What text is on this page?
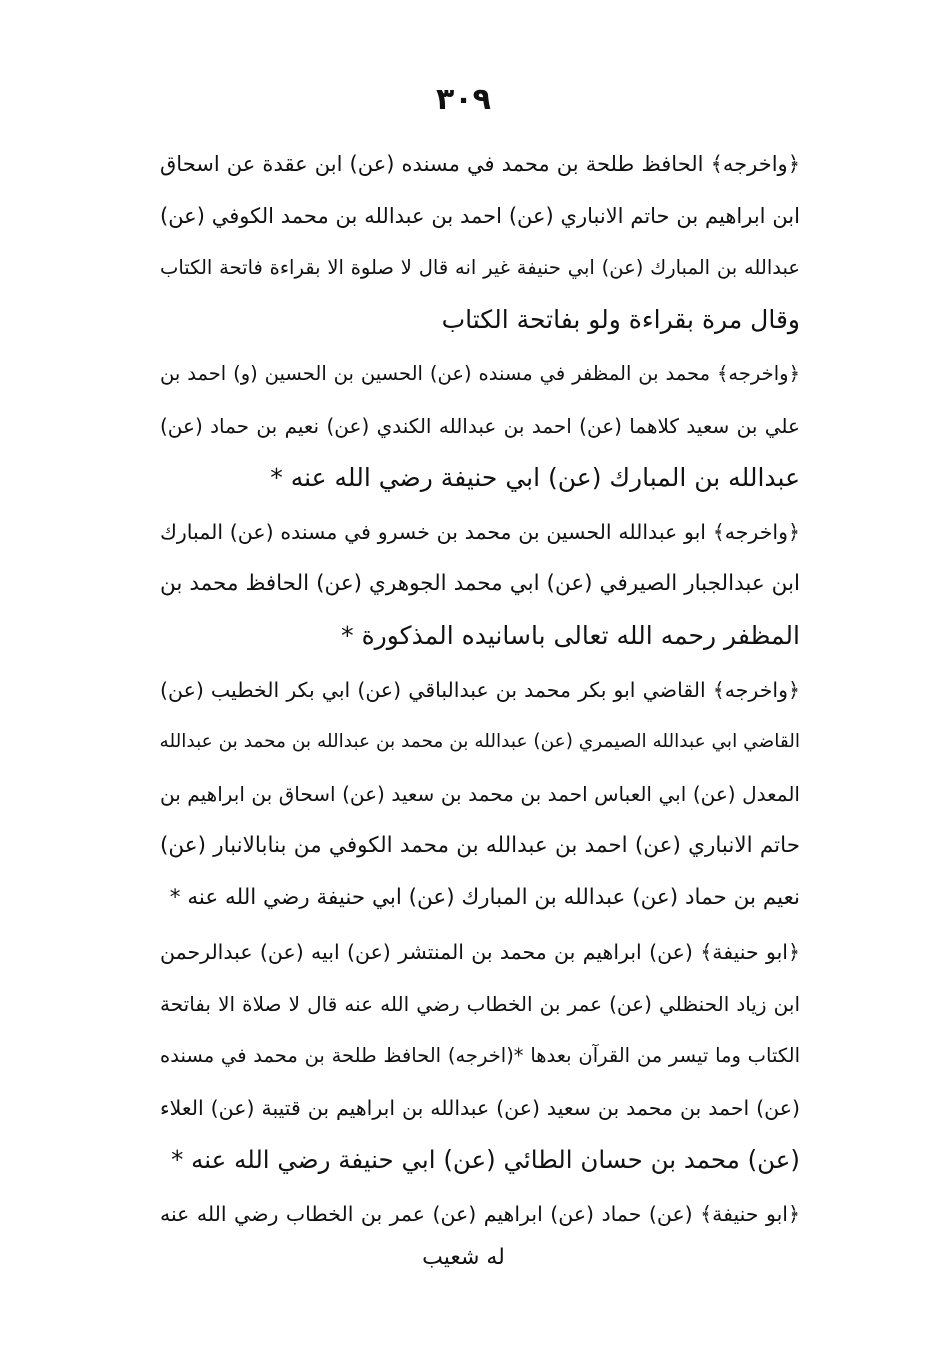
٣٠٩
﴿واخرجه﴾ الحافظ طلحة بن محمد في مسنده (عن) ابن عقدة عن اسحاق
ابن ابراهيم بن حاتم الانباري (عن) احمد بن عبدالله بن محمد الكوفي (عن)
عبدالله بن المبارك (عن) ابي حنيفة غير انه قال لا صلوة الا بقراءة فاتحة الكتاب
وقال مرة بقراءة ولو بفاتحة الكتاب
﴿واخرجه﴾ محمد بن المظفر في مسنده (عن) الحسين بن الحسين (و) احمد بن
علي بن سعيد كلاهما (عن) احمد بن عبدالله الكندي (عن) نعيم بن حماد (عن)
عبدالله بن المبارك (عن) ابي حنيفة رضي الله عنه *
﴿واخرجه﴾ ابو عبدالله الحسين بن محمد بن خسرو في مسنده (عن) المبارك
ابن عبدالجبار الصيرفي (عن) ابي محمد الجوهري (عن) الحافظ محمد بن
المظفر رحمه الله تعالى باسانيده المذكورة *
﴿واخرجه﴾ القاضي ابو بكر محمد بن عبدالباقي (عن) ابي بكر الخطيب (عن)
القاضي ابي عبدالله الصيمري (عن) عبدالله بن محمد بن عبدالله بن محمد بن عبدالله
المعدل (عن) ابي العباس احمد بن محمد بن سعيد (عن) اسحاق بن ابراهيم بن
حاتم الانباري (عن) احمد بن عبدالله بن محمد الكوفي من بنابالانبار (عن)
نعيم بن حماد (عن) عبدالله بن المبارك (عن) ابي حنيفة رضي الله عنه *
﴿ابو حنيفة﴾ (عن) ابراهيم بن محمد بن المنتشر (عن) ابيه (عن) عبدالرحمن
ابن زياد الحنظلي (عن) عمر بن الخطاب رضي الله عنه قال لا صلاة الا بفاتحة
الكتاب وما تيسر من القرآن بعدها *(اخرجه) الحافظ طلحة بن محمد في مسنده
(عن) احمد بن محمد بن سعيد (عن) عبدالله بن ابراهيم بن قتيبة (عن) العلاء
(عن) محمد بن حسان الطائي (عن) ابي حنيفة رضي الله عنه *
﴿ابو حنيفة﴾ (عن) حماد (عن) ابراهيم (عن) عمر بن الخطاب رضي الله عنه
له شعيب
